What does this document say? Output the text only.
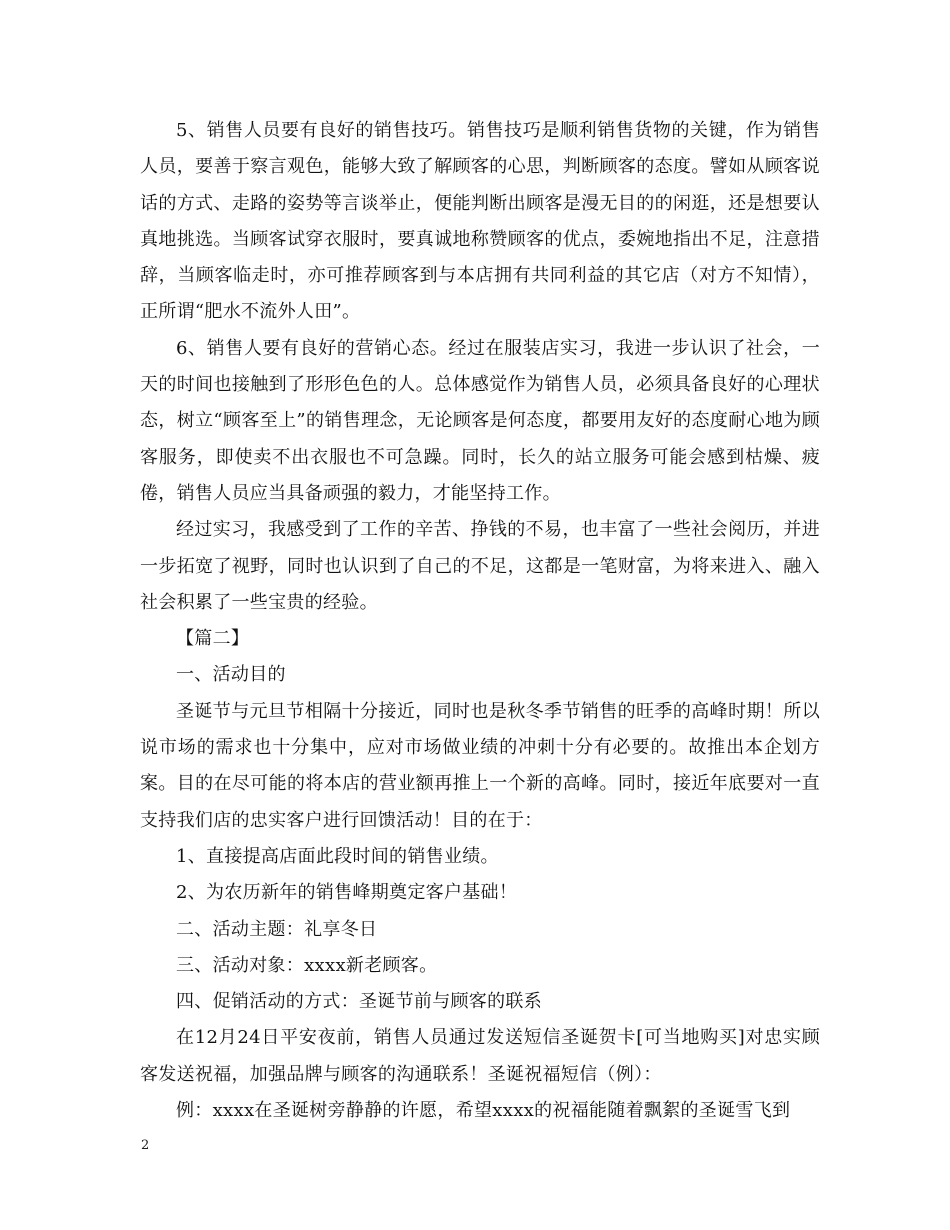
5、销售人员要有良好的销售技巧。销售技巧是顺利销售货物的关键，作为销售人员，要善于察言观色，能够大致了解顾客的心思，判断顾客的态度。譬如从顾客说话的方式、走路的姿势等言谈举止，便能判断出顾客是漫无目的的闲逛，还是想要认真地挑选。当顾客试穿衣服时，要真诚地称赞顾客的优点，委婉地指出不足，注意措辞，当顾客临走时，亦可推荐顾客到与本店拥有共同利益的其它店（对方不知情），正所谓“肥水不流外人田”。

6、销售人要有良好的营销心态。经过在服装店实习，我进一步认识了社会，一天的时间也接触到了形形色色的人。总体感觉作为销售人员，必须具备良好的心理状态，树立“顾客至上”的销售理念，无论顾客是何态度，都要用友好的态度耐心地为顾客服务，即使卖不出衣服也不可急躁。同时，长久的站立服务可能会感到枯燥、疲倦，销售人员应当具备顽强的毅力，才能坚持工作。

经过实习，我感受到了工作的辛苦、挣钱的不易，也丰富了一些社会阅历，并进一步拓宽了视野，同时也认识到了自己的不足，这都是一笔财富，为将来进入、融入社会积累了一些宝贵的经验。

【篇二】

一、活动目的

圣诞节与元旦节相隔十分接近，同时也是秋冬季节销售的旺季的高峰时期！所以说市场的需求也十分集中，应对市场做业绩的冲刺十分有必要的。故推出本企划方案。目的在尽可能的将本店的营业额再推上一个新的高峰。同时，接近年底要对一直支持我们店的忠实客户进行回馈活动！目的在于：

1、直接提高店面此段时间的销售业绩。

2、为农历新年的销售峰期奠定客户基础！

二、活动主题：礼享冬日

三、活动对象：xxxx新老顾客。

四、促销活动的方式：圣诞节前与顾客的联系

在12月24日平安夜前，销售人员通过发送短信圣诞贺卡[可当地购买]对忠实顾客发送祝福，加强品牌与顾客的沟通联系！圣诞祝福短信（例）：

例：xxxx在圣诞树旁静静的许愿，希望xxxx的祝福能随着飘絮的圣诞雪飞到

2
